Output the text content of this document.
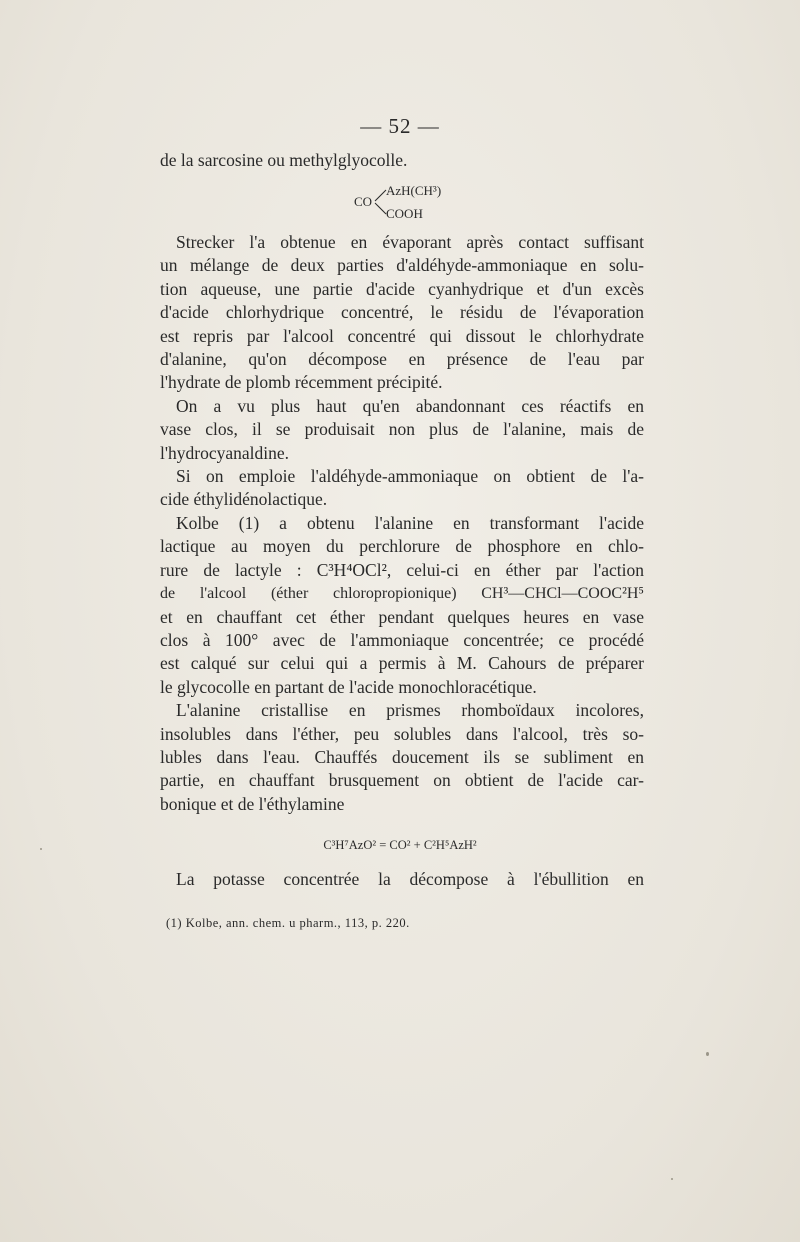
— 52 —
de la sarcosine ou methylglyocolle.
CO
AzH(CH³)
COOH
Strecker l'a obtenue en évaporant après contact suffisant
un mélange de deux parties d'aldéhyde-ammoniaque en solu-
tion aqueuse, une partie d'acide cyanhydrique et d'un excès
d'acide chlorhydrique concentré, le résidu de l'évaporation
est repris par l'alcool concentré qui dissout le chlorhydrate
d'alanine, qu'on décompose en présence de l'eau par
l'hydrate de plomb récemment précipité.
On a vu plus haut qu'en abandonnant ces réactifs en
vase clos, il se produisait non plus de l'alanine, mais de
l'hydrocyanaldine.
Si on emploie l'aldéhyde-ammoniaque on obtient de l'a-
cide éthylidénolactique.
Kolbe (1) a obtenu l'alanine en transformant l'acide
lactique au moyen du perchlorure de phosphore en chlo-
rure de lactyle : C³H⁴OCl², celui-ci en éther par l'action
de l'alcool (éther chloropropionique) CH³—CHCl—COOC²H⁵
et en chauffant cet éther pendant quelques heures en vase
clos à 100° avec de l'ammoniaque concentrée; ce procédé
est calqué sur celui qui a permis à M. Cahours de préparer
le glycocolle en partant de l'acide monochloracétique.
L'alanine cristallise en prismes rhomboïdaux incolores,
insolubles dans l'éther, peu solubles dans l'alcool, très so-
lubles dans l'eau. Chauffés doucement ils se subliment en
partie, en chauffant brusquement on obtient de l'acide car-
bonique et de l'éthylamine
C³H⁷AzO² = CO² + C²H⁵AzH²
La potasse concentrée la décompose à l'ébullition en
(1) Kolbe, ann. chem. u pharm., 113, p. 220.
